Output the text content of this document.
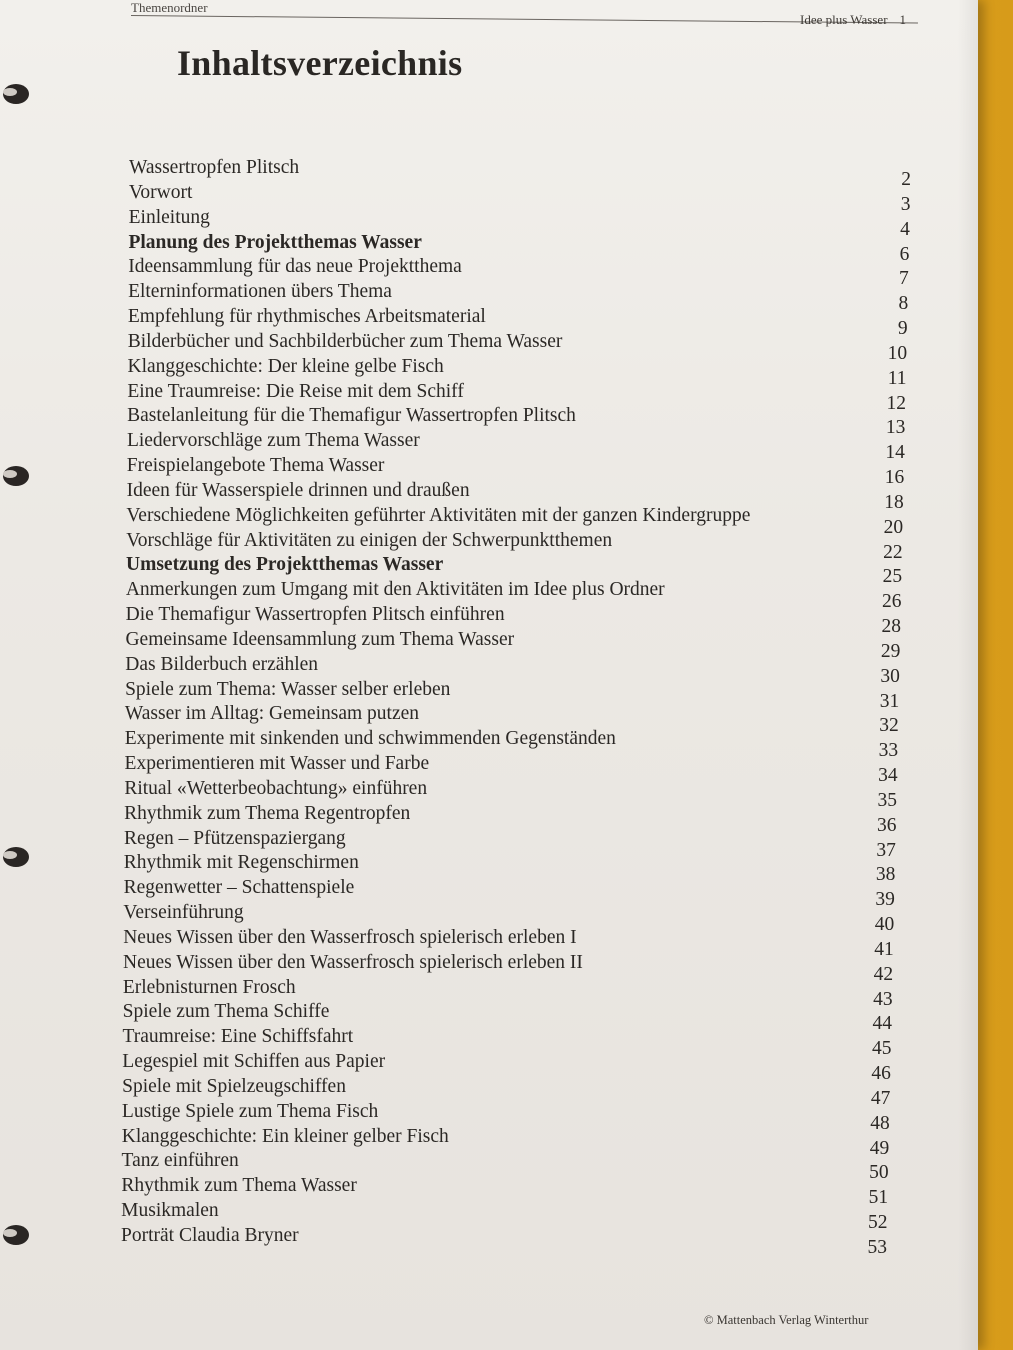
Themenordner
Idee plus Wasser 1
Inhaltsverzeichnis
Wassertropfen Plitsch
2
Vorwort
3
Einleitung
4
Planung des Projektthemas Wasser
6
Ideensammlung für das neue Projektthema
7
Elterninformationen übers Thema
8
Empfehlung für rhythmisches Arbeitsmaterial
9
Bilderbücher und Sachbilderbücher zum Thema Wasser
10
Klanggeschichte: Der kleine gelbe Fisch
11
Eine Traumreise: Die Reise mit dem Schiff
12
Bastelanleitung für die Themafigur Wassertropfen Plitsch
13
Liedervorschläge zum Thema Wasser
14
Freispielangebote Thema Wasser
16
Ideen für Wasserspiele drinnen und draußen
18
Verschiedene Möglichkeiten geführter Aktivitäten mit der ganzen Kindergruppe
20
Vorschläge für Aktivitäten zu einigen der Schwerpunktthemen
22
Umsetzung des Projektthemas Wasser
25
Anmerkungen zum Umgang mit den Aktivitäten im Idee plus Ordner
26
Die Themafigur Wassertropfen Plitsch einführen
28
Gemeinsame Ideensammlung zum Thema Wasser
29
Das Bilderbuch erzählen
30
Spiele zum Thema: Wasser selber erleben
31
Wasser im Alltag: Gemeinsam putzen
32
Experimente mit sinkenden und schwimmenden Gegenständen
33
Experimentieren mit Wasser und Farbe
34
Ritual «Wetterbeobachtung» einführen
35
Rhythmik zum Thema Regentropfen
36
Regen – Pfützenspaziergang
37
Rhythmik mit Regenschirmen
38
Regenwetter – Schattenspiele
39
Verseinführung
40
Neues Wissen über den Wasserfrosch spielerisch erleben I
41
Neues Wissen über den Wasserfrosch spielerisch erleben II
42
Erlebnisturnen Frosch
43
Spiele zum Thema Schiffe
44
Traumreise: Eine Schiffsfahrt
45
Legespiel mit Schiffen aus Papier
46
Spiele mit Spielzeugschiffen
47
Lustige Spiele zum Thema Fisch
48
Klanggeschichte: Ein kleiner gelber Fisch
49
Tanz einführen
50
Rhythmik zum Thema Wasser
51
Musikmalen
52
Porträt Claudia Bryner
53
© Mattenbach Verlag Winterthur
